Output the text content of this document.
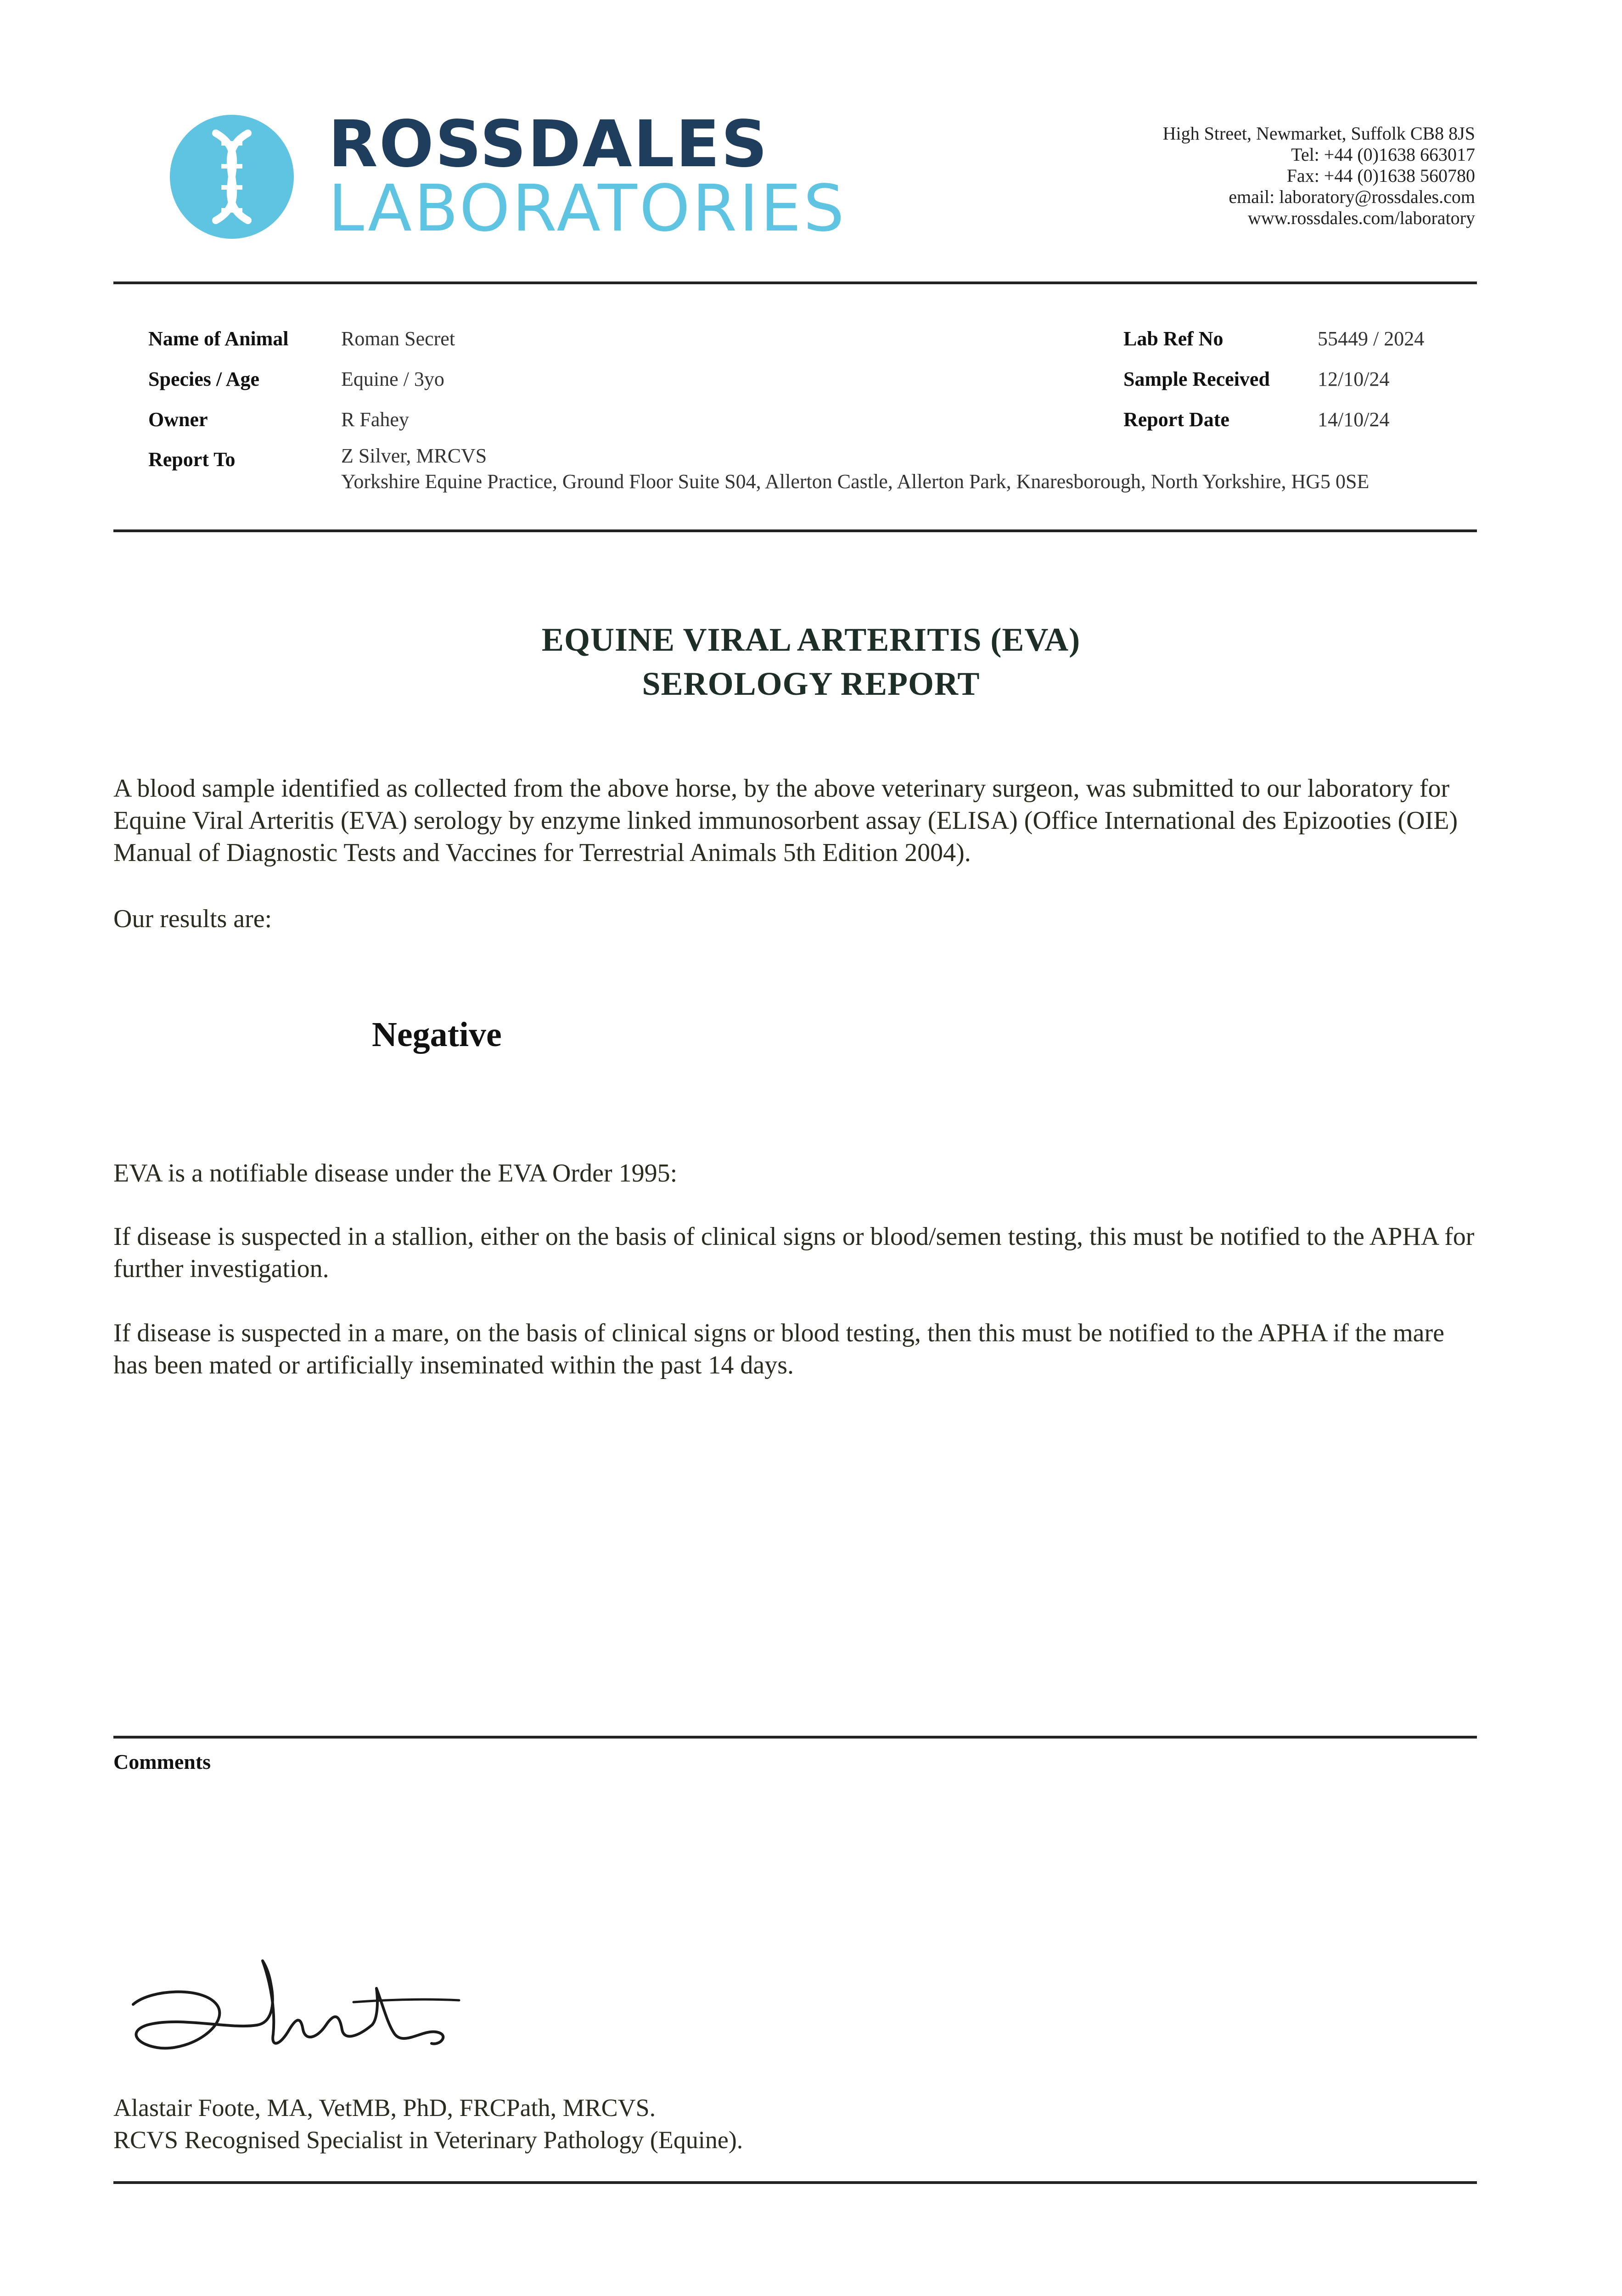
ROSSDALES
LABORATORIES
High Street, Newmarket, Suffolk CB8 8JS
Tel: +44 (0)1638 663017
Fax: +44 (0)1638 560780
email: laboratory@rossdales.com
www.rossdales.com/laboratory
Name of Animal	Roman Secret
Species / Age	Equine / 3yo
Owner	R Fahey
Report To	Z Silver, MRCVS
Yorkshire Equine Practice, Ground Floor Suite S04, Allerton Castle, Allerton Park, Knaresborough, North Yorkshire, HG5 0SE
Lab Ref No	55449 / 2024
Sample Received 12/10/24
Report Date	14/10/24
EQUINE VIRAL ARTERITIS (EVA)
SEROLOGY REPORT
A blood sample identified as collected from the above horse, by the above veterinary surgeon, was submitted to our laboratory for Equine Viral Arteritis (EVA) serology by enzyme linked immunosorbent assay (ELISA) (Office International des Epizooties (OIE) Manual of Diagnostic Tests and Vaccines for Terrestrial Animals 5th Edition 2004).
Our results are:
Negative
EVA is a notifiable disease under the EVA Order 1995:
If disease is suspected in a stallion, either on the basis of clinical signs or blood/semen testing, this must be notified to the APHA for further investigation.
If disease is suspected in a mare, on the basis of clinical signs or blood testing, then this must be notified to the APHA if the mare has been mated or artificially inseminated within the past 14 days.
Comments
Alastair Foote, MA, VetMB, PhD, FRCPath, MRCVS.
RCVS Recognised Specialist in Veterinary Pathology (Equine).
